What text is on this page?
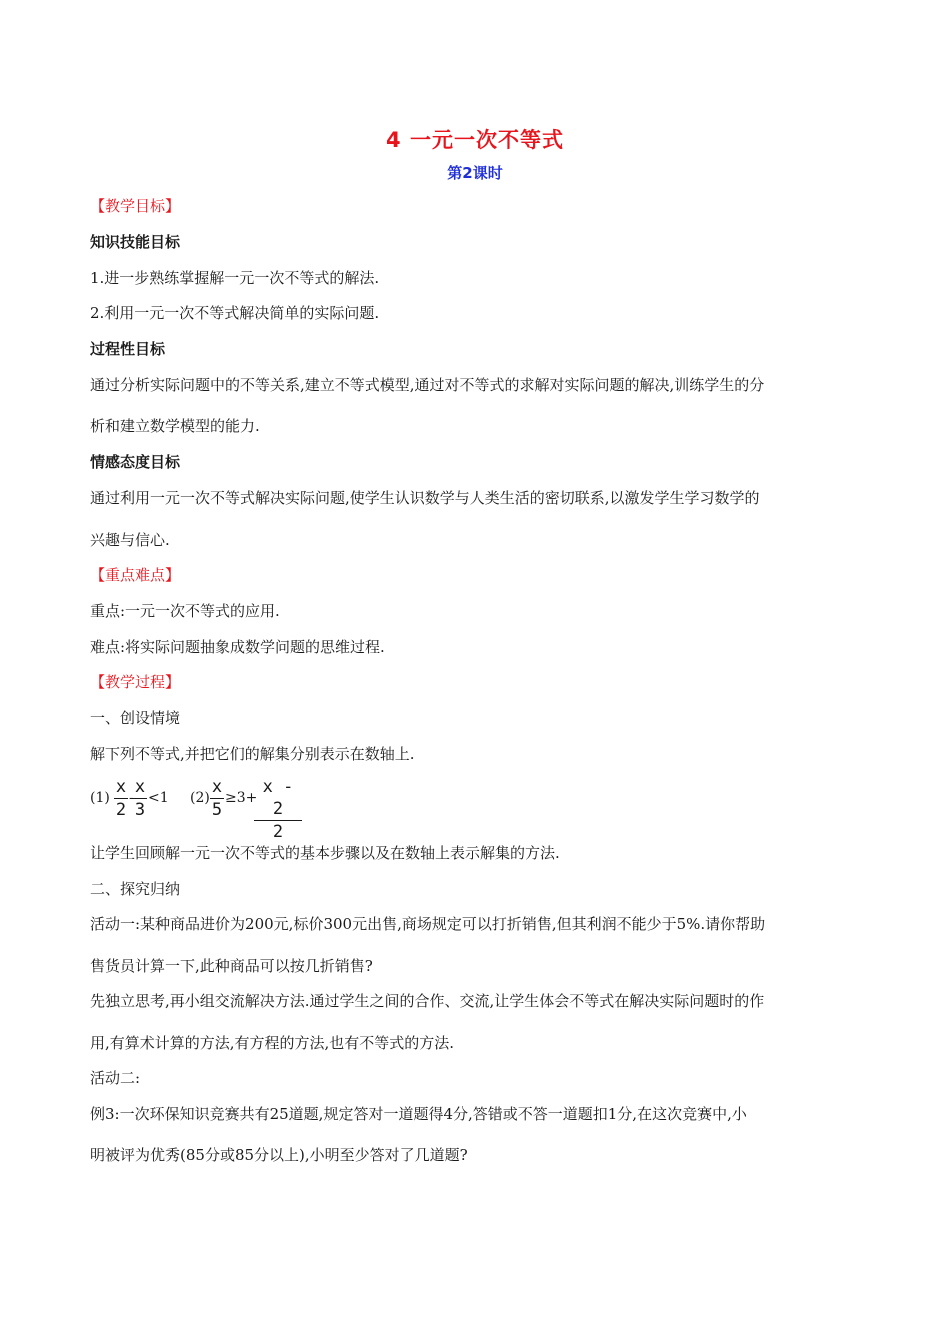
4 一元一次不等式
第2课时
【教学目标】
知识技能目标
1.进一步熟练掌握解一元一次不等式的解法.
2.利用一元一次不等式解决简单的实际问题.
过程性目标
通过分析实际问题中的不等关系,建立不等式模型,通过对不等式的求解对实际问题的解决,训练学生的分
析和建立数学模型的能力.
情感态度目标
通过利用一元一次不等式解决实际问题,使学生认识数学与人类生活的密切联系,以激发学生学习数学的
兴趣与信心.
【重点难点】
重点:一元一次不等式的应用.
难点:将实际问题抽象成数学问题的思维过程.
【教学过程】
一、创设情境
解下列不等式,并把它们的解集分别表示在数轴上.
(1)
x
2
-
x
3
<1 (2)
x
5
≥3+
x - 2
2
让学生回顾解一元一次不等式的基本步骤以及在数轴上表示解集的方法.
二、探究归纳
活动一:某种商品进价为200元,标价300元出售,商场规定可以打折销售,但其利润不能少于5%.请你帮助
售货员计算一下,此种商品可以按几折销售?
先独立思考,再小组交流解决方法.通过学生之间的合作、交流,让学生体会不等式在解决实际问题时的作
用,有算术计算的方法,有方程的方法,也有不等式的方法.
活动二:
例3:一次环保知识竞赛共有25道题,规定答对一道题得4分,答错或不答一道题扣1分,在这次竞赛中,小
明被评为优秀(85分或85分以上),小明至少答对了几道题?
